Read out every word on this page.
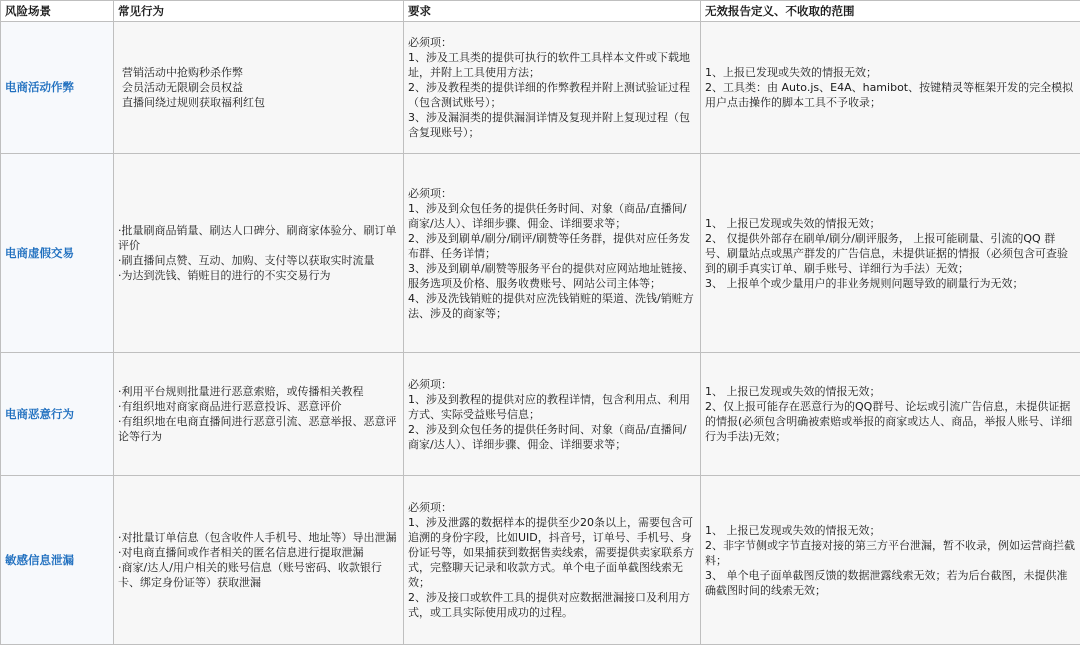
风险场景	常见行为	要求	无效报告定义、不收取的范围
电商活动作弊	营销活动中抢购秒杀作弊
会员活动无限刷会员权益
直播间绕过规则获取福利红包	必须项：
1、涉及工具类的提供可执行的软件工具样本文件或下载地址，并附上工具使用方法；
2、涉及教程类的提供详细的作弊教程并附上测试验证过程（包含测试账号）；
3、涉及漏洞类的提供漏洞详情及复现并附上复现过程（包含复现账号）；	1、上报已发现或失效的情报无效；
2、工具类：由 Auto.js、E4A、hamibot、按键精灵等框架开发的完全模拟用户点击操作的脚本工具不予收录；

电商虚假交易	·批量刷商品销量、刷达人口碑分、刷商家体验分、刷订单评价
·刷直播间点赞、互动、加购、支付等以获取实时流量
·为达到洗钱、销赃目的进行的不实交易行为	必须项：
1、涉及到众包任务的提供任务时间、对象（商品/直播间/商家/达人）、详细步骤、佣金、详细要求等；
2、涉及到刷单/刷分/刷评/刷赞等任务群，提供对应任务发布群、任务详情；
3、涉及到刷单/刷赞等服务平台的提供对应网站地址链接、服务选项及价格、服务收费账号、网站公司主体等；
4、涉及洗钱销赃的提供对应洗钱销赃的渠道、洗钱/销赃方法、涉及的商家等；	1、 上报已发现或失效的情报无效；
2、 仅提供外部存在刷单/刷分/刷评服务， 上报可能刷量、引流的QQ 群号、刷量站点或黑产群发的广告信息，未提供证据的情报（必须包含可查验到的刷手真实订单、刷手账号、详细行为手法）无效；
3、 上报单个或少量用户的非业务规则问题导致的刷量行为无效；

电商恶意行为	·利用平台规则批量进行恶意索赔，或传播相关教程
·有组织地对商家商品进行恶意投诉、恶意评价
·有组织地在电商直播间进行恶意引流、恶意举报、恶意评论等行为	必须项：
1、涉及到教程的提供对应的教程详情，包含利用点、利用方式、实际受益账号信息；
2、涉及到众包任务的提供任务时间、对象（商品/直播间/商家/达人）、详细步骤、佣金、详细要求等；	1、 上报已发现或失效的情报无效；
2、仅上报可能存在恶意行为的QQ群号、论坛或引流广告信息，未提供证据的情报(必须包含明确被索赔或举报的商家或达人、商品，举报人账号、详细行为手法)无效；

敏感信息泄漏	·对批量订单信息（包含收件人手机号、地址等）导出泄漏
·对电商直播间或作者相关的匿名信息进行提取泄漏
·商家/达人/用户相关的账号信息（账号密码、收款银行卡、绑定身份证等）获取泄漏	必须项：
1、涉及泄露的数据样本的提供至少20条以上，需要包含可追溯的身份字段，比如UID，抖音号，订单号、手机号、身份证号等，如果捕获到数据售卖线索，需要提供卖家联系方式，完整聊天记录和收款方式。单个电子面单截图线索无效；
2、涉及接口或软件工具的提供对应数据泄漏接口及利用方式，或工具实际使用成功的过程。	1、 上报已发现或失效的情报无效；
2、非字节侧或字节直接对接的第三方平台泄漏，暂不收录，例如运营商拦截料；
3、 单个电子面单截图反馈的数据泄露线索无效；若为后台截图，未提供准确截图时间的线索无效；
